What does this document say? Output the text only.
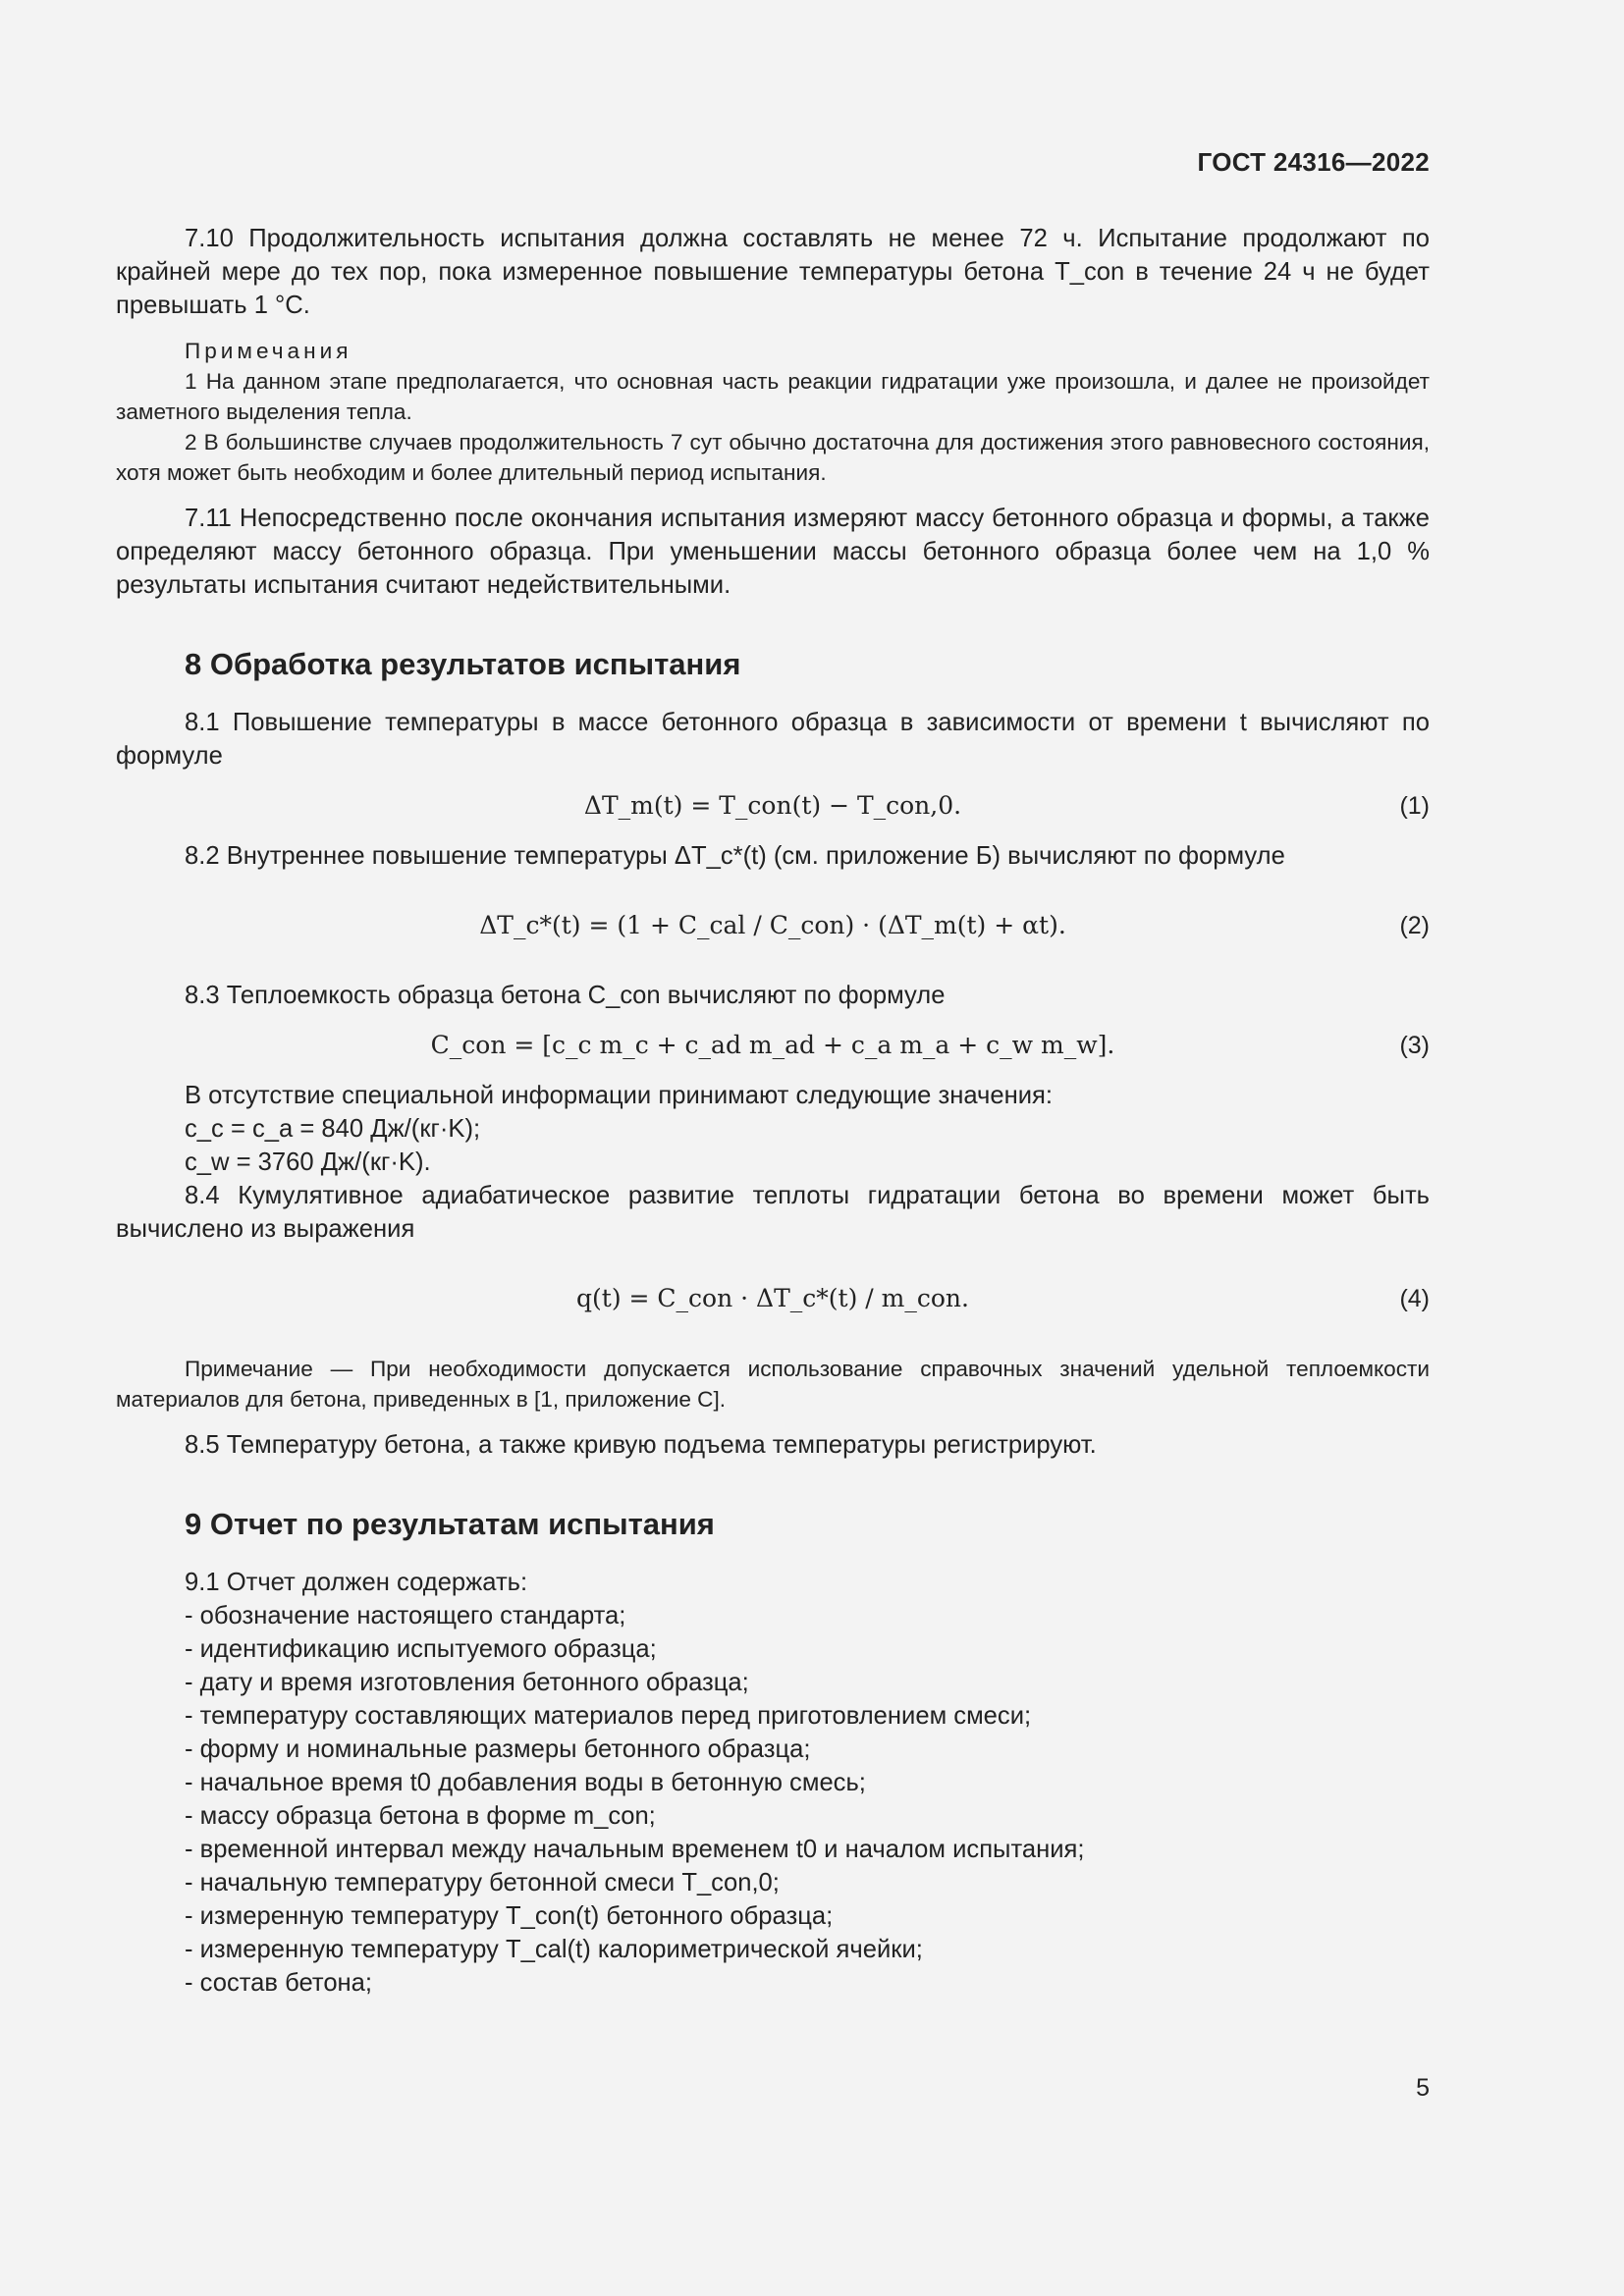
ГОСТ 24316—2022

7.10 Продолжительность испытания должна составлять не менее 72 ч. Испытание продолжают по крайней мере до тех пор, пока измеренное повышение температуры бетона T_con в течение 24 ч не будет превышать 1 °С.

Примечания

1 На данном этапе предполагается, что основная часть реакции гидратации уже произошла, и далее не произойдет заметного выделения тепла.

2 В большинстве случаев продолжительность 7 сут обычно достаточна для достижения этого равновесного состояния, хотя может быть необходим и более длительный период испытания.

7.11 Непосредственно после окончания испытания измеряют массу бетонного образца и формы, а также определяют массу бетонного образца. При уменьшении массы бетонного образца более чем на 1,0 % результаты испытания считают недействительными.

8 Обработка результатов испытания

8.1 Повышение температуры в массе бетонного образца в зависимости от времени t вычисляют по формуле

ΔT_m(t) = T_con(t) − T_con,0.	(1)

8.2 Внутреннее повышение температуры ΔT_c*(t) (см. приложение Б) вычисляют по формуле

ΔT_c*(t) = (1 + C_cal / C_con) · (ΔT_m(t) + αt).	(2)

8.3 Теплоемкость образца бетона C_con вычисляют по формуле

C_con = [c_c m_c + c_ad m_ad + c_a m_a + c_w m_w].	(3)

В отсутствие специальной информации принимают следующие значения:

c_c = c_a = 840 Дж/(кг·K);

c_w = 3760 Дж/(кг·K).

8.4 Кумулятивное адиабатическое развитие теплоты гидратации бетона во времени может быть вычислено из выражения

q(t) = C_con · ΔT_c*(t) / m_con.	(4)

Примечание — При необходимости допускается использование справочных значений удельной теплоемкости материалов для бетона, приведенных в [1, приложение С].

8.5 Температуру бетона, а также кривую подъема температуры регистрируют.

9 Отчет по результатам испытания

9.1 Отчет должен содержать:

- обозначение настоящего стандарта;

- идентификацию испытуемого образца;

- дату и время изготовления бетонного образца;

- температуру составляющих материалов перед приготовлением смеси;

- форму и номинальные размеры бетонного образца;

- начальное время t0 добавления воды в бетонную смесь;

- массу образца бетона в форме m_con;

- временной интервал между начальным временем t0 и началом испытания;

- начальную температуру бетонной смеси T_con,0;

- измеренную температуру T_con(t) бетонного образца;

- измеренную температуру T_cal(t) калориметрической ячейки;

- состав бетона;

5
